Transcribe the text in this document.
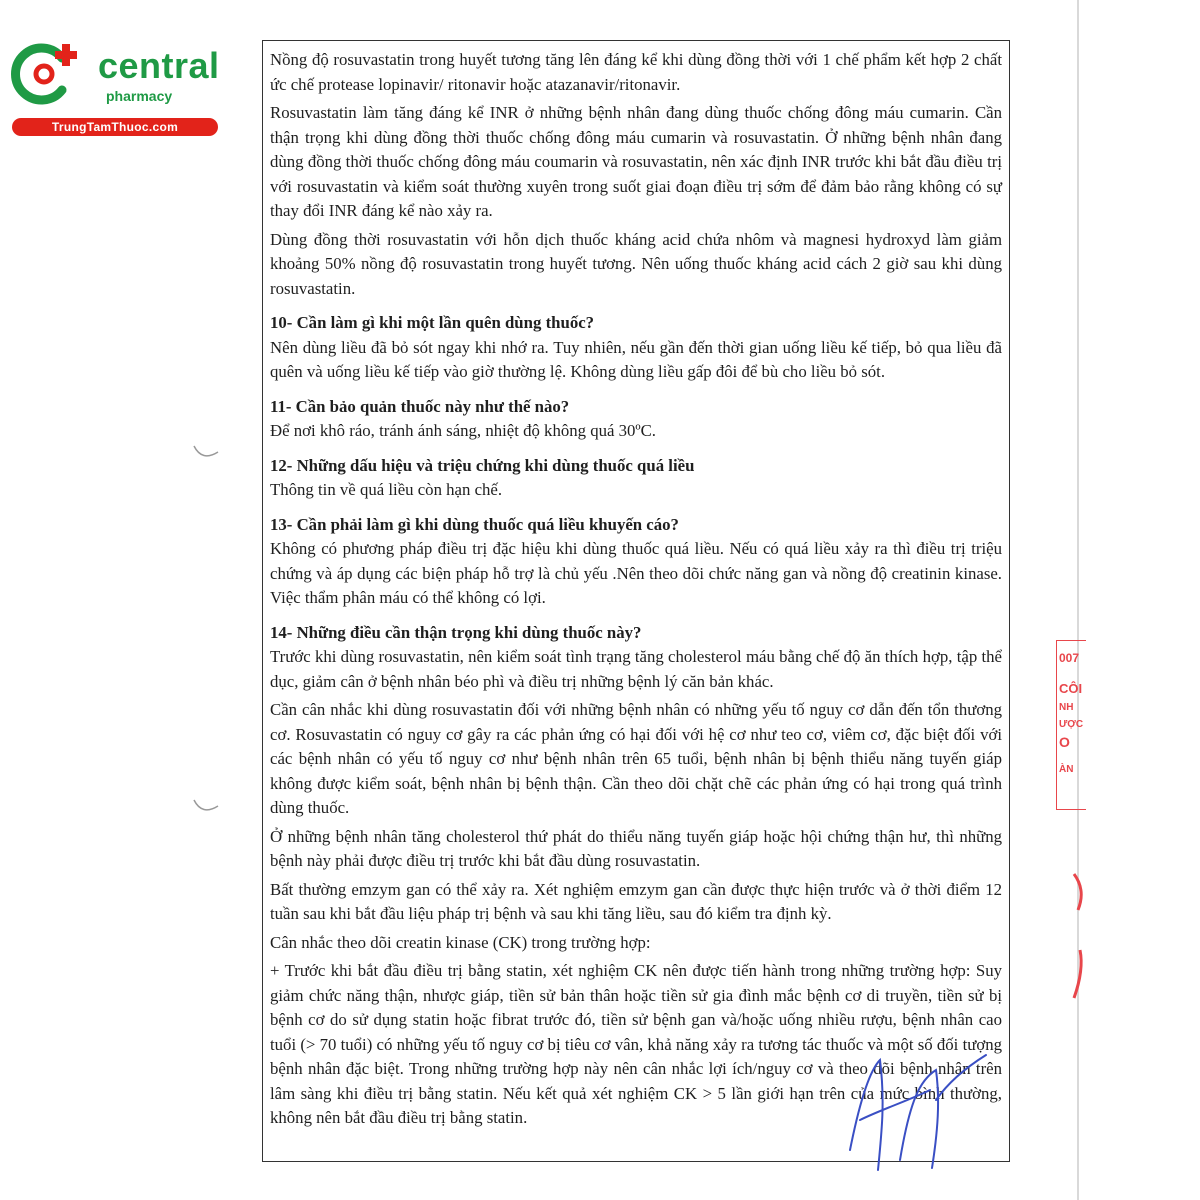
central
pharmacy
TrungTamThuoc.com

Nồng độ rosuvastatin trong huyết tương tăng lên đáng kể khi dùng đồng thời với 1 chế phẩm kết hợp 2 chất ức chế protease lopinavir/ ritonavir hoặc atazanavir/ritonavir.

Rosuvastatin làm tăng đáng kể INR ở những bệnh nhân đang dùng thuốc chống đông máu cumarin. Cần thận trọng khi dùng đồng thời thuốc chống đông máu cumarin và rosuvastatin. Ở những bệnh nhân đang dùng đồng thời thuốc chống đông máu coumarin và rosuvastatin, nên xác định INR trước khi bắt đầu điều trị với rosuvastatin và kiểm soát thường xuyên trong suốt giai đoạn điều trị sớm để đảm bảo rằng không có sự thay đổi INR đáng kể nào xảy ra.

Dùng đồng thời rosuvastatin với hỗn dịch thuốc kháng acid chứa nhôm và magnesi hydroxyd làm giảm khoảng 50% nồng độ rosuvastatin trong huyết tương. Nên uống thuốc kháng acid cách 2 giờ sau khi dùng rosuvastatin.

10- Cần làm gì khi một lần quên dùng thuốc?

Nên dùng liều đã bỏ sót ngay khi nhớ ra. Tuy nhiên, nếu gần đến thời gian uống liều kế tiếp, bỏ qua liều đã quên và uống liều kế tiếp vào giờ thường lệ. Không dùng liều gấp đôi để bù cho liều bỏ sót.

11- Cần bảo quản thuốc này như thế nào?

Để nơi khô ráo, tránh ánh sáng, nhiệt độ không quá 30ºC.

12- Những dấu hiệu và triệu chứng khi dùng thuốc quá liều

Thông tin về quá liều còn hạn chế.

13- Cần phải làm gì khi dùng thuốc quá liều khuyến cáo?

Không có phương pháp điều trị đặc hiệu khi dùng thuốc quá liều. Nếu có quá liều xảy ra thì điều trị triệu chứng và áp dụng các biện pháp hỗ trợ là chủ yếu .Nên theo dõi chức năng gan và nồng độ creatinin kinase. Việc thẩm phân máu có thể không có lợi.

14- Những điều cần thận trọng khi dùng thuốc này?

Trước khi dùng rosuvastatin, nên kiểm soát tình trạng tăng cholesterol máu bằng chế độ ăn thích hợp, tập thể dục, giảm cân ở bệnh nhân béo phì và điều trị những bệnh lý căn bản khác.

Cần cân nhắc khi dùng rosuvastatin đối với những bệnh nhân có những yếu tố nguy cơ dẫn đến tổn thương cơ. Rosuvastatin có nguy cơ gây ra các phản ứng có hại đối với hệ cơ như teo cơ, viêm cơ, đặc biệt đối với các bệnh nhân có yếu tố nguy cơ như bệnh nhân trên 65 tuổi, bệnh nhân bị bệnh thiểu năng tuyến giáp không được kiểm soát, bệnh nhân bị bệnh thận. Cần theo dõi chặt chẽ các phản ứng có hại trong quá trình dùng thuốc.

Ở những bệnh nhân tăng cholesterol thứ phát do thiểu năng tuyến giáp hoặc hội chứng thận hư, thì những bệnh này phải được điều trị trước khi bắt đầu dùng rosuvastatin.

Bất thường emzym gan có thể xảy ra. Xét nghiệm emzym gan cần được thực hiện trước và ở thời điểm 12 tuần sau khi bắt đầu liệu pháp trị bệnh và sau khi tăng liều, sau đó kiểm tra định kỳ.

Cân nhắc theo dõi creatin kinase (CK) trong trường hợp:

+ Trước khi bắt đầu điều trị bằng statin, xét nghiệm CK nên được tiến hành trong những trường hợp: Suy giảm chức năng thận, nhược giáp, tiền sử bản thân hoặc tiền sử gia đình mắc bệnh cơ di truyền, tiền sử bị bệnh cơ do sử dụng statin hoặc fibrat trước đó, tiền sử bệnh gan và/hoặc uống nhiều rượu, bệnh nhân cao tuổi (> 70 tuổi) có những yếu tố nguy cơ bị tiêu cơ vân, khả năng xảy ra tương tác thuốc và một số đối tượng bệnh nhân đặc biệt. Trong những trường hợp này nên cân nhắc lợi ích/nguy cơ và theo dõi bệnh nhân trên lâm sàng khi điều trị bằng statin. Nếu kết quả xét nghiệm CK > 5 lần giới hạn trên của mức bình thường, không nên bắt đầu điều trị bằng statin.

007
CÔI
NH
ƯỢC
O
ÀN
